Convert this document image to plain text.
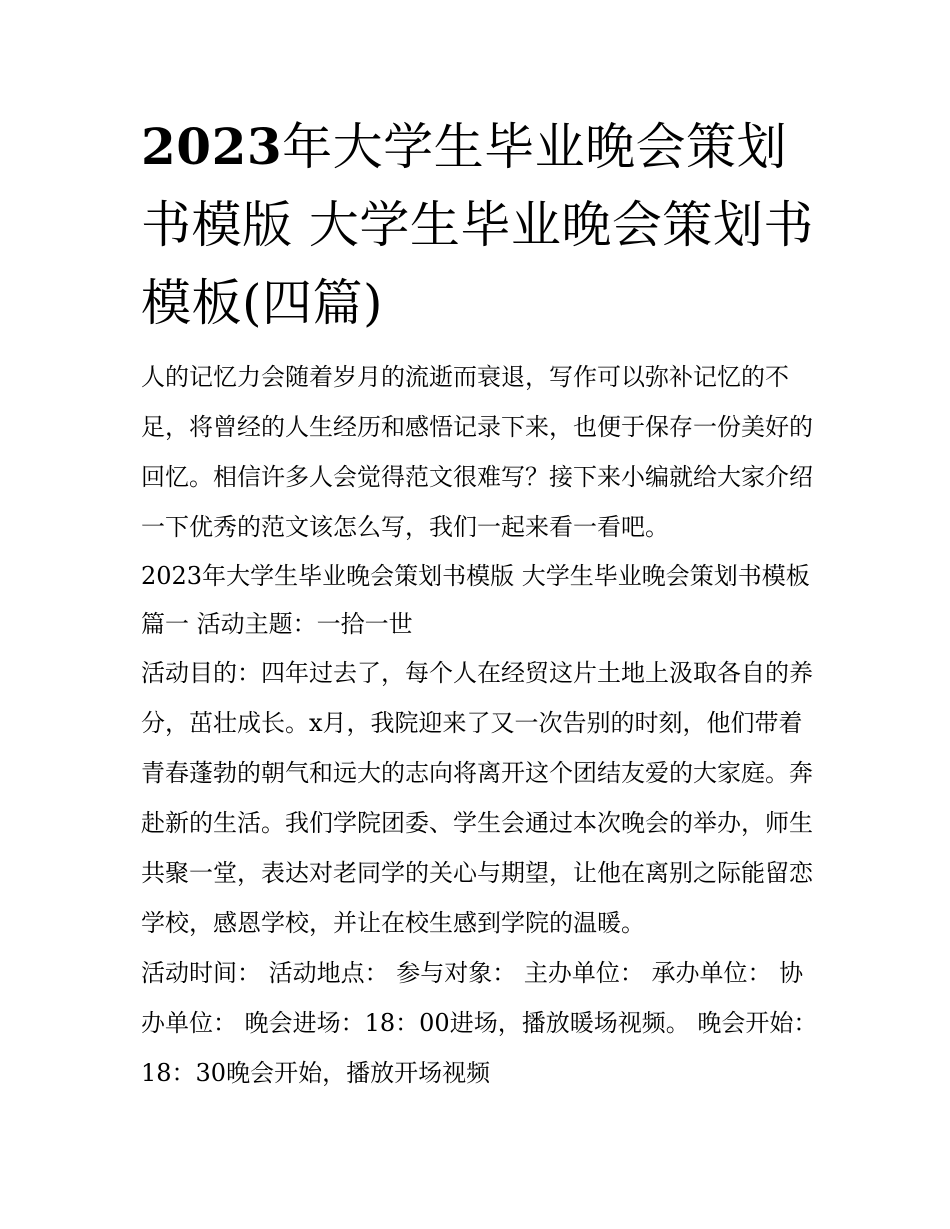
2023年大学生毕业晚会策划书模版 大学生毕业晚会策划书模板(四篇)

人的记忆力会随着岁月的流逝而衰退，写作可以弥补记忆的不足，将曾经的人生经历和感悟记录下来，也便于保存一份美好的回忆。相信许多人会觉得范文很难写？接下来小编就给大家介绍一下优秀的范文该怎么写，我们一起来看一看吧。

2023年大学生毕业晚会策划书模版 大学生毕业晚会策划书模板篇一 活动主题：一拾一世

活动目的：四年过去了，每个人在经贸这片土地上汲取各自的养分，茁壮成长。x月，我院迎来了又一次告别的时刻，他们带着青春蓬勃的朝气和远大的志向将离开这个团结友爱的大家庭。奔赴新的生活。我们学院团委、学生会通过本次晚会的举办，师生共聚一堂，表达对老同学的关心与期望，让他在离别之际能留恋学校，感恩学校，并让在校生感到学院的温暖。

活动时间： 活动地点： 参与对象： 主办单位： 承办单位： 协办单位： 晚会进场：18：00进场，播放暖场视频。 晚会开始：18：30晚会开始，播放开场视频
